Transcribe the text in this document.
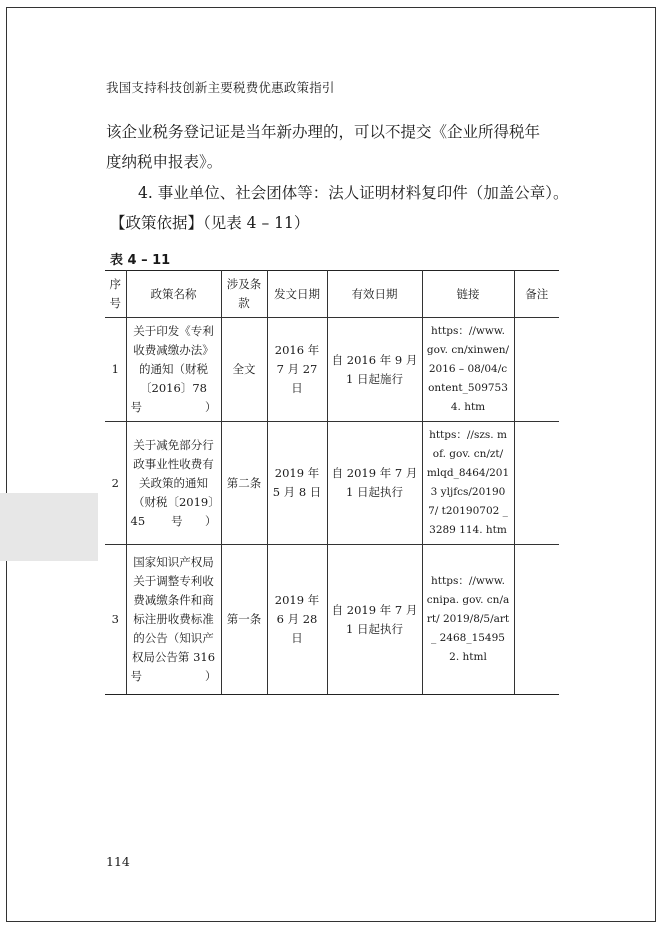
我国支持科技创新主要税费优惠政策指引
该企业税务登记证是当年新办理的，可以不提交《企业所得税年
度纳税申报表》。
4. 事业单位、社会团体等：法人证明材料复印件（加盖公章）。
【政策依据】（见表 4 – 11）
表 4 – 11
序号	政策名称	涉及条款	发文日期	有效日期	链接	备注
1	关于印发《专利收费减缴办法》的通知（财税〔2016〕78 号）	全文	2016 年 7 月 27 日	自 2016 年 9 月 1 日起施行	https：//www. gov. cn/xinwen/ 2016 – 08/04/content_5097534. htm	
2	关于减免部分行政事业性收费有关政策的通知（财税〔2019〕45 号）	第二条	2019 年 5 月 8 日	自 2019 年 7 月 1 日起执行	https：//szs. mof. gov. cn/zt/ mlqd_8464/2013 yljfcs/201907/ t20190702 _ 3289 114. htm	
3	国家知识产权局关于调整专利收费减缴条件和商标注册收费标准的公告（知识产权局公告第 316 号）	第一条	2019 年 6 月 28 日	自 2019 年 7 月 1 日起执行	https：//www. cnipa. gov. cn/art/ 2019/8/5/art_ 2468_154952. html	
114
